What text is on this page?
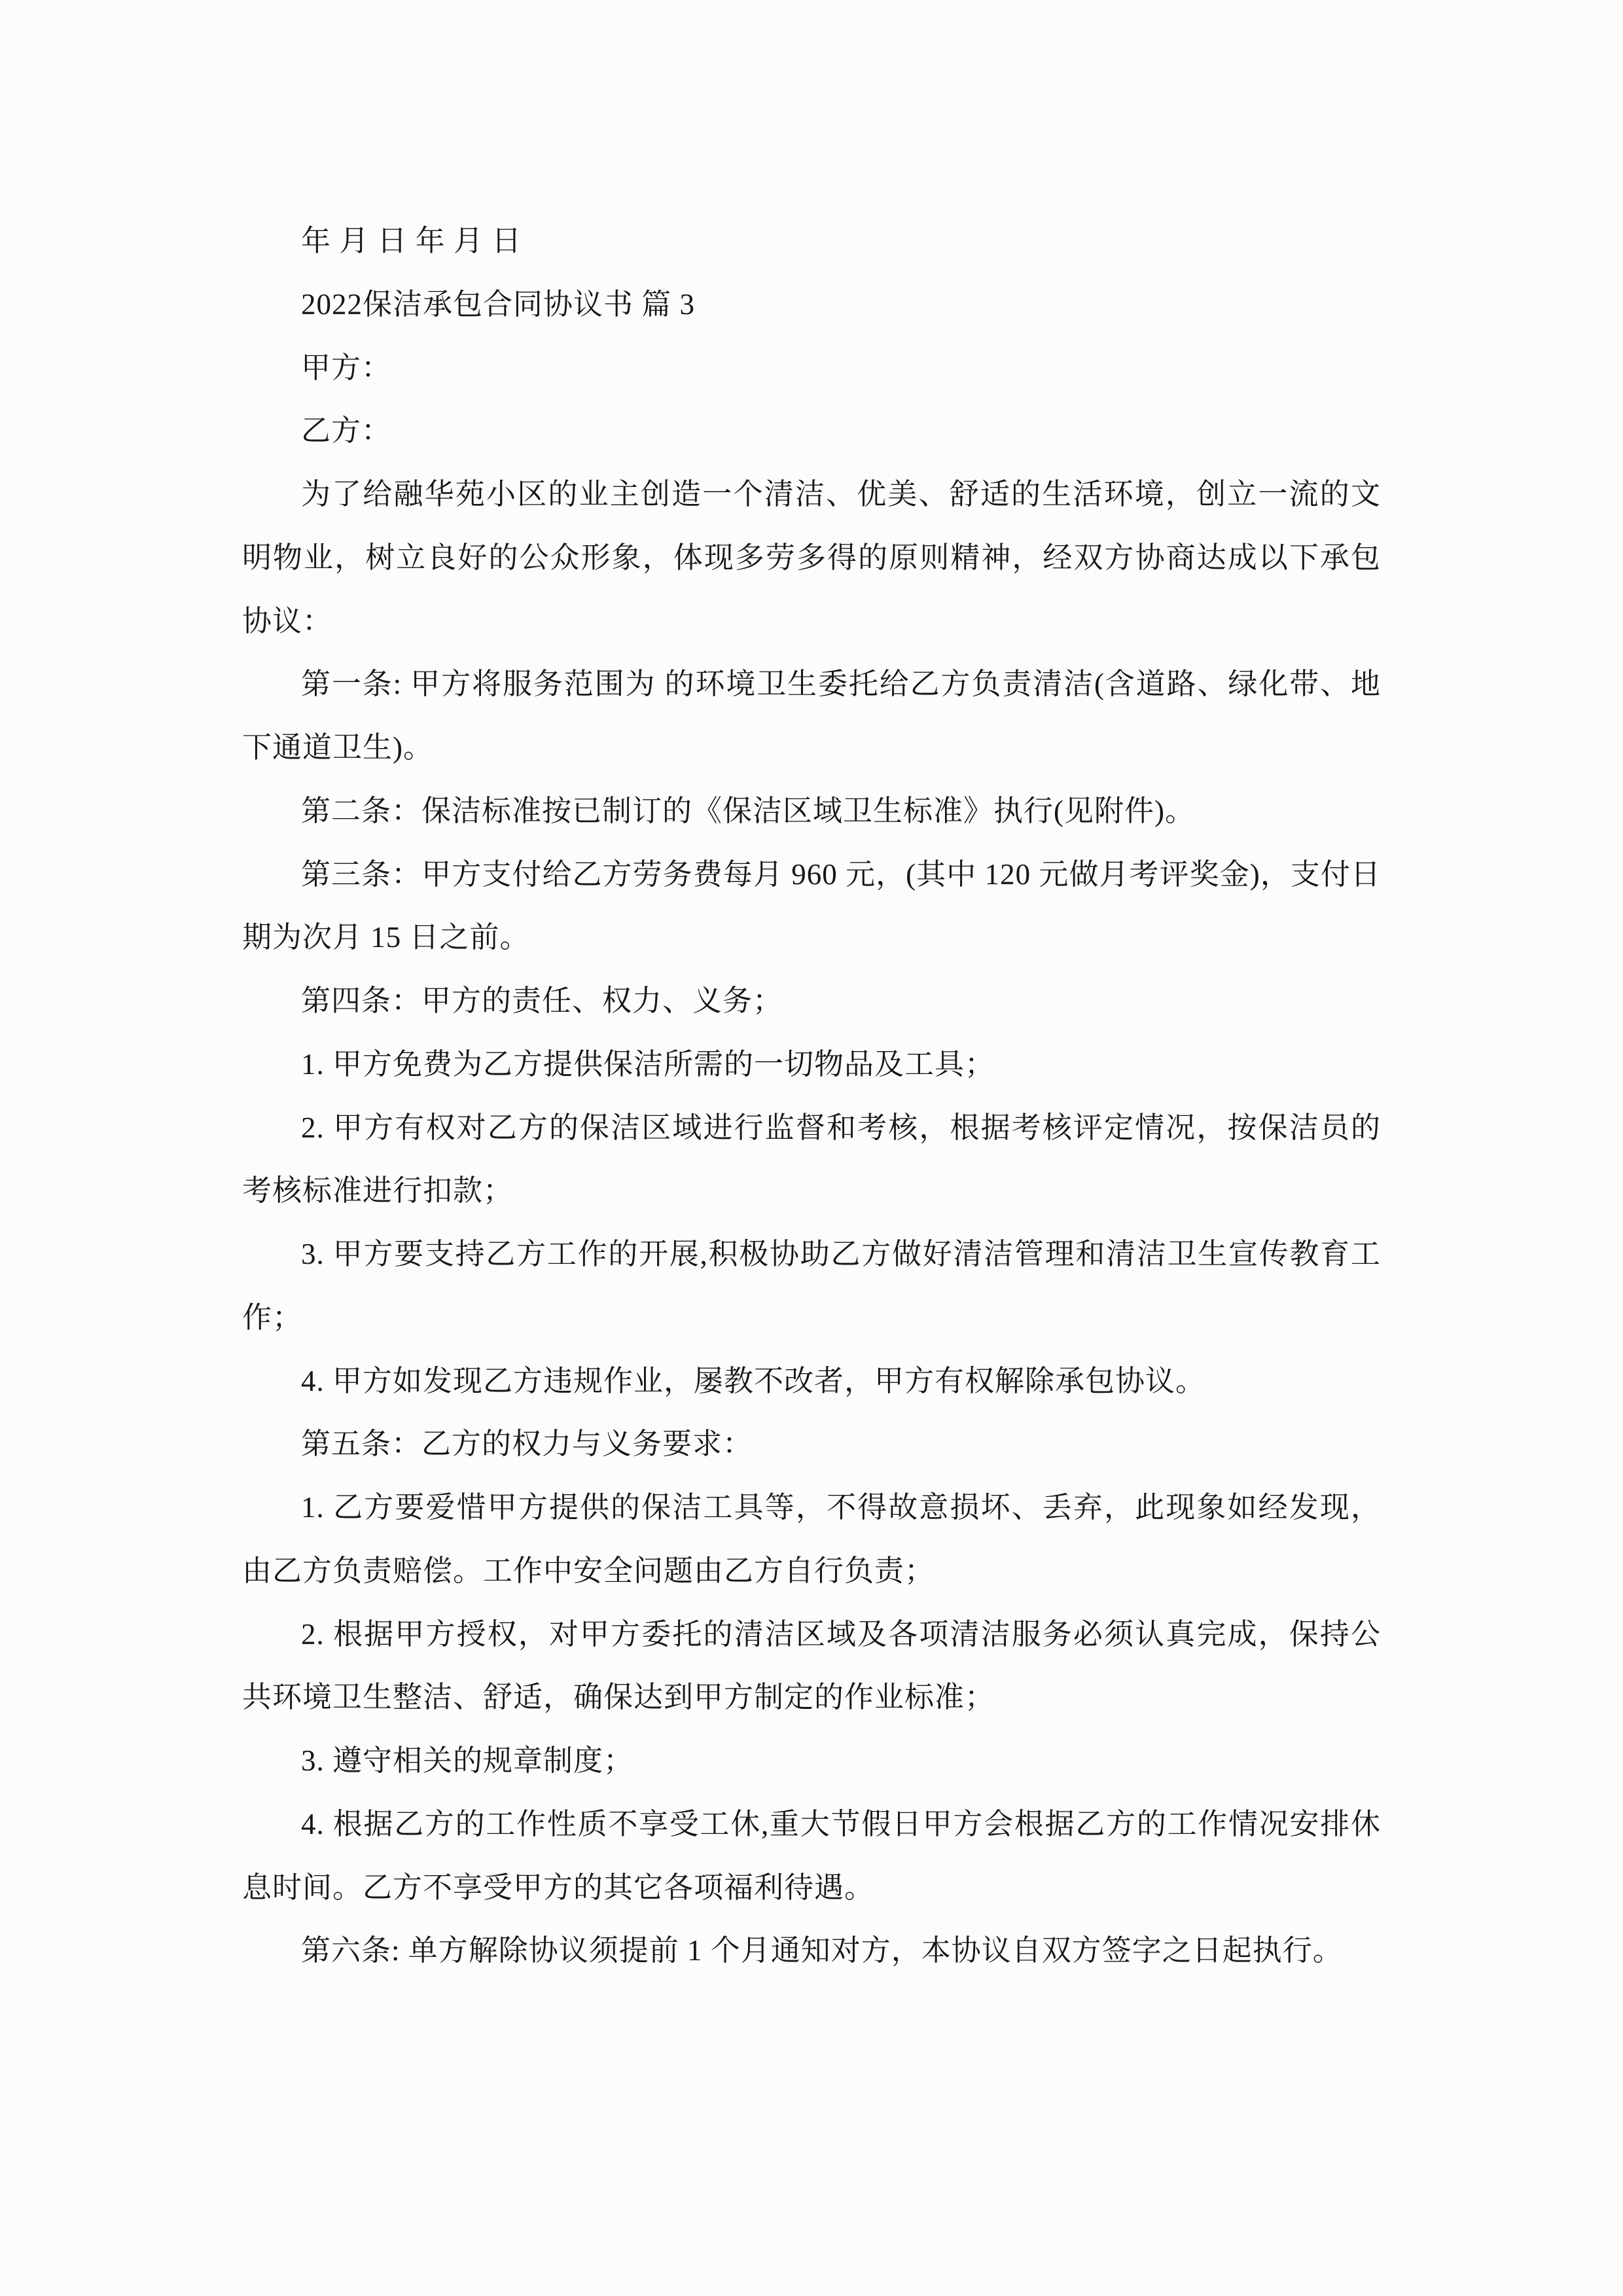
年 月 日 年 月 日

2022保洁承包合同协议书 篇 3

甲方：

乙方：

为了给融华苑小区的业主创造一个清洁、优美、舒适的生活环境，创立一流的文明物业，树立良好的公众形象，体现多劳多得的原则精神，经双方协商达成以下承包协议：

第一条: 甲方将服务范围为 的环境卫生委托给乙方负责清洁(含道路、绿化带、地下通道卫生)。

第二条：保洁标准按已制订的《保洁区域卫生标准》执行(见附件)。

第三条：甲方支付给乙方劳务费每月 960 元，(其中 120 元做月考评奖金)，支付日期为次月 15 日之前。

第四条：甲方的责任、权力、义务；

1. 甲方免费为乙方提供保洁所需的一切物品及工具；

2. 甲方有权对乙方的保洁区域进行监督和考核，根据考核评定情况，按保洁员的考核标准进行扣款；

3. 甲方要支持乙方工作的开展,积极协助乙方做好清洁管理和清洁卫生宣传教育工作；

4. 甲方如发现乙方违规作业，屡教不改者，甲方有权解除承包协议。

第五条：乙方的权力与义务要求：

1. 乙方要爱惜甲方提供的保洁工具等，不得故意损坏、丢弃，此现象如经发现，由乙方负责赔偿。工作中安全问题由乙方自行负责；

2. 根据甲方授权，对甲方委托的清洁区域及各项清洁服务必须认真完成，保持公共环境卫生整洁、舒适，确保达到甲方制定的作业标准；

3. 遵守相关的规章制度；

4. 根据乙方的工作性质不享受工休,重大节假日甲方会根据乙方的工作情况安排休息时间。乙方不享受甲方的其它各项福利待遇。

第六条: 单方解除协议须提前 1 个月通知对方，本协议自双方签字之日起执行。
